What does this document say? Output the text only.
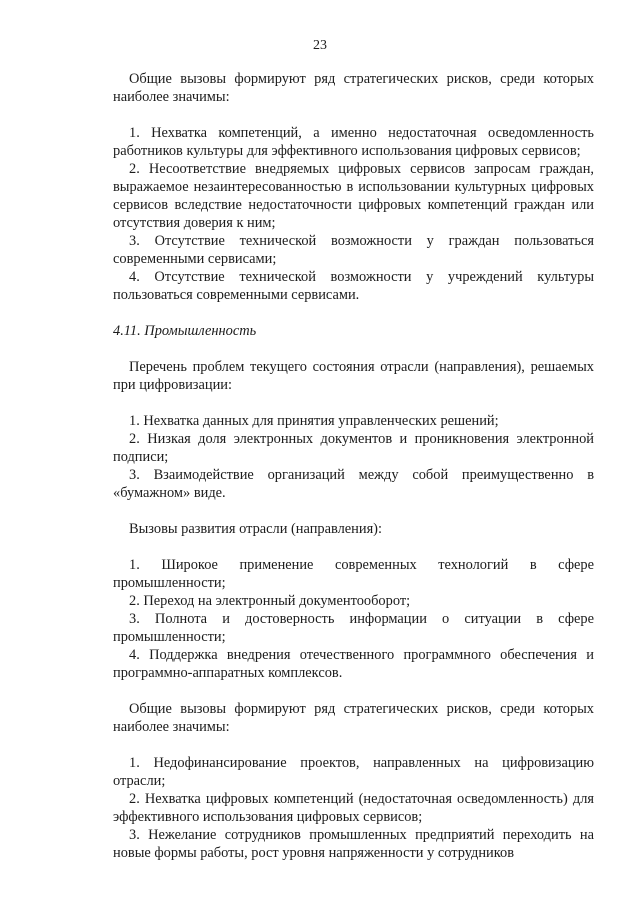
23

Общие вызовы формируют ряд стратегических рисков, среди которых наиболее значимы:

1. Нехватка компетенций, а именно недостаточная осведомленность работников культуры для эффективного использования цифровых сервисов;

2. Несоответствие внедряемых цифровых сервисов запросам граждан, выражаемое незаинтересованностью в использовании культурных цифровых сервисов вследствие недостаточности цифровых компетенций граждан или отсутствия доверия к ним;

3. Отсутствие технической возможности у граждан пользоваться современными сервисами;

4. Отсутствие технической возможности у учреждений культуры пользоваться современными сервисами.

4.11. Промышленность

Перечень проблем текущего состояния отрасли (направления), решаемых при цифровизации:

1. Нехватка данных для принятия управленческих решений;

2. Низкая доля электронных документов и проникновения электронной подписи;

3. Взаимодействие организаций между собой преимущественно в «бумажном» виде.

Вызовы развития отрасли (направления):

1. Широкое применение современных технологий в сфере промышленности;

2. Переход на электронный документооборот;

3. Полнота и достоверность информации о ситуации в сфере промышленности;

4. Поддержка внедрения отечественного программного обеспечения и программно-аппаратных комплексов.

Общие вызовы формируют ряд стратегических рисков, среди которых наиболее значимы:

1. Недофинансирование проектов, направленных на цифровизацию отрасли;

2. Нехватка цифровых компетенций (недостаточная осведомленность) для эффективного использования цифровых сервисов;

3. Нежелание сотрудников промышленных предприятий переходить на новые формы работы, рост уровня напряженности у сотрудников
